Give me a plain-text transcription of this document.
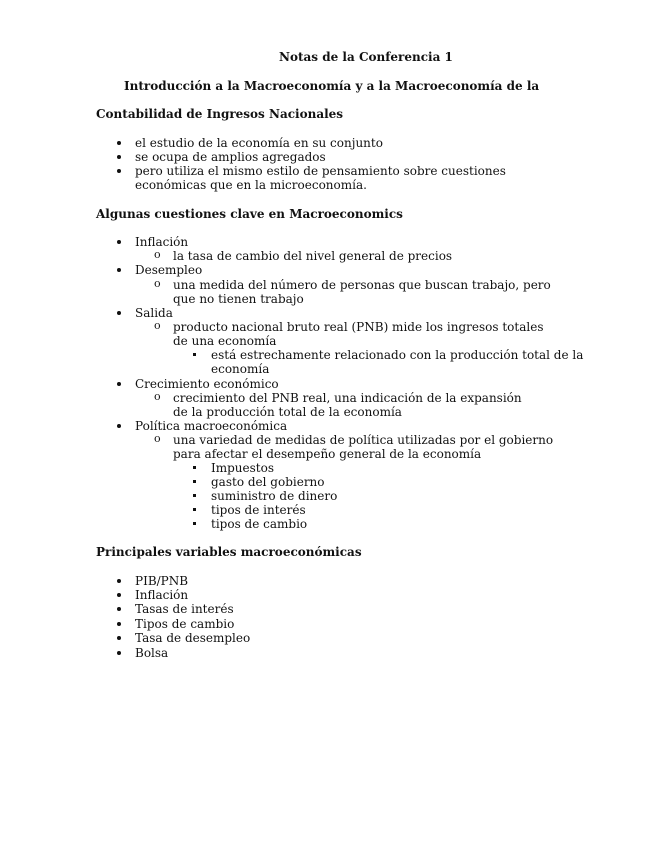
Notas de la Conferencia 1
Introducción a la Macroeconomía y a la Macroeconomía de la
Contabilidad de Ingresos Nacionales
el estudio de la economía en su conjunto
se ocupa de amplios agregados
pero utiliza el mismo estilo de pensamiento sobre cuestiones
económicas que en la microeconomía.
Algunas cuestiones clave en Macroeconomics
Inflación
o la tasa de cambio del nivel general de precios
Desempleo
o una medida del número de personas que buscan trabajo, pero
que no tienen trabajo
Salida
o producto nacional bruto real (PNB) mide los ingresos totales
de una economía
está estrechamente relacionado con la producción total de la
economía
Crecimiento económico
o crecimiento del PNB real, una indicación de la expansión
de la producción total de la economía
Política macroeconómica
o una variedad de medidas de política utilizadas por el gobierno
para afectar el desempeño general de la economía
Impuestos
gasto del gobierno
suministro de dinero
tipos de interés
tipos de cambio
Principales variables macroeconómicas
PIB/PNB
Inflación
Tasas de interés
Tipos de cambio
Tasa de desempleo
Bolsa
